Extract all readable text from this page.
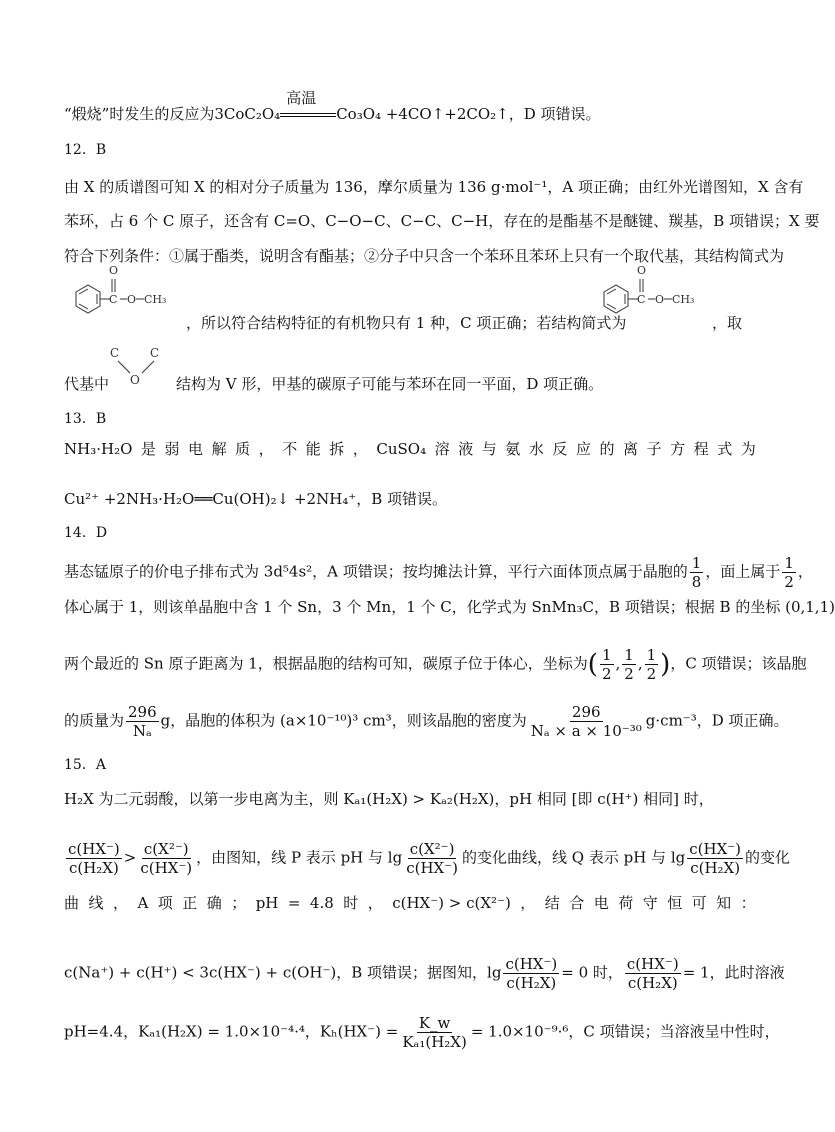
“煅烧”时发生的反应为3CoC₂O₄
高温
Co₃O₄ +4CO↑+2CO₂↑，D 项错误。
12．B
由 X 的质谱图可知 X 的相对分子质量为 136，摩尔质量为 136 g·mol⁻¹，A 项正确；由红外光谱图知，X 含有
苯环，占 6 个 C 原子，还含有 C=O、C−O−C、C−C、C−H，存在的是酯基不是醚键、羰基，B 项错误；X 要
符合下列条件：①属于酯类，说明含有酯基；②分子中只含一个苯环且苯环上只有一个取代基，其结构简式为
O
C O CH₃
，所以符合结构特征的有机物只有 1 种，C 项正确；若结构简式为
O
C O CH₃
，取
代基中
C	C
O 结构为 V 形，甲基的碳原子可能与苯环在同一平面，D 项正确。
13．B
NH₃·H₂O 是 弱 电 解 质 ， 不 能 拆 ， CuSO₄ 溶 液 与 氨 水 反 应 的 离 子 方 程 式 为
Cu²⁺ +2NH₃·H₂O══Cu(OH)₂↓ +2NH₄⁺，B 项错误。
14．D
基态锰原子的价电子排布式为 3d⁵4s²，A 项错误；按均摊法计算，平行六面体顶点属于晶胞的 $\frac{1}{8}$ ，面上属于 $\frac{1}{2}$ ，
体心属于 1，则该单晶胞中含 1 个 Sn，3 个 Mn，1 个 C，化学式为 SnMn₃C，B 项错误；根据 B 的坐标 (0,1,1)
两个最近的 Sn 原子距离为 1，根据晶胞的结构可知，碳原子位于体心，坐标为( $\frac{1}{2}$ , $\frac{1}{2}$ , $\frac{1}{2}$ )，C 项错误；该晶胞
的质量为 $\frac{296}{\text{Nₐ}}$ g，晶胞的体积为 (a×10⁻¹⁰)³ cm³，则该晶胞的密度为 $\frac{296}{\text{Nₐ × a × 10⁻³⁰}} g\cdot cm^{-3}$，D 项正确。
15．A
H₂X 为二元弱酸，以第一步电离为主，则 Kₐ₁(H₂X) > Kₐ₂(H₂X)，pH 相同 [即 c(H⁺) 相同] 时，
$\frac{c(HX^-)}{\text{c(H₂X)}} > \frac{\text{c(X²⁻)}}{c(HX^-)}$ ，由图知，线 P 表示 pH 与 $\lg \frac{\text{c(X²⁻)}}{c(HX^-)}$ 的变化曲线，线 Q 表示 pH 与 $\lg \frac{c(HX^-)}{\text{c(H₂X)}}$ 的变化
曲 线 ， A 项 正 确 ； pH = 4.8 时 ， c(HX⁻) > c(X²⁻) ， 结 合 电 荷 守 恒 可 知 ：
c(Na⁺) + c(H⁺) < 3c(HX⁻) + c(OH⁻)，B 项错误；据图知，$\lg \frac{c(HX^-)}{\text{c(H₂X)}} = 0$ 时， $\frac{c(HX^-)}{\text{c(H₂X)}} = 1$，此时溶液
pH=4.4，Kₐ₁(H₂X) = 1.0×10⁻⁴·⁴，$K_h(HX^-) = \frac{K\_w}{\text{Kₐ₁(H₂X)}} = 1.0\times 10^{-9}\cdot^6$，C 项错误；当溶液呈中性时，
